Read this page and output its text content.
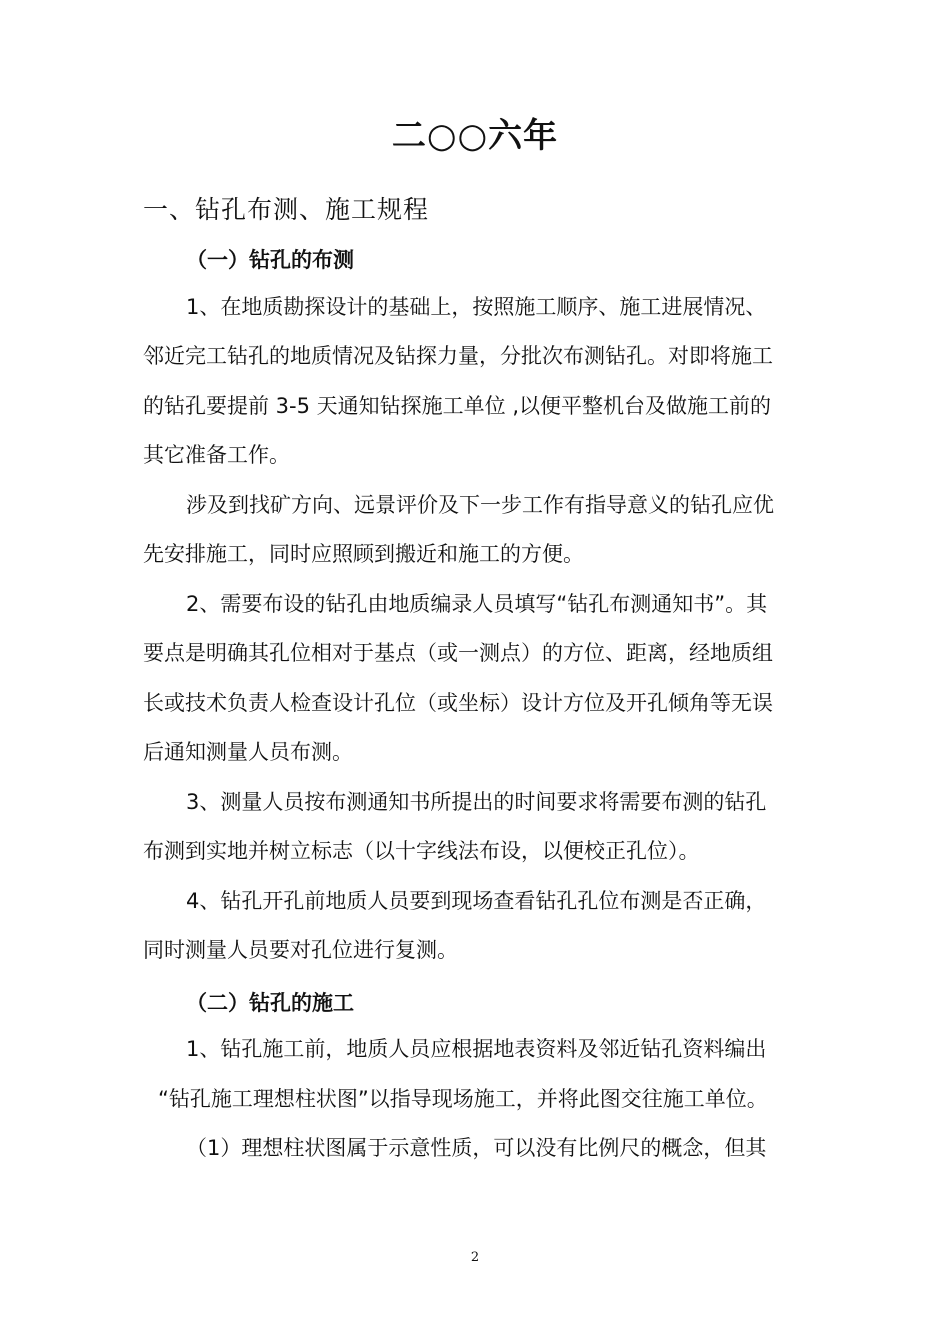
二○○六年
一、钻孔布测、施工规程
（一）钻孔的布测
1、在地质勘探设计的基础上，按照施工顺序、施工进展情况、
邻近完工钻孔的地质情况及钻探力量，分批次布测钻孔。对即将施工
的钻孔要提前 3-5 天通知钻探施工单位 ,以便平整机台及做施工前的
其它准备工作。
涉及到找矿方向、远景评价及下一步工作有指导意义的钻孔应优
先安排施工，同时应照顾到搬近和施工的方便。
2、需要布设的钻孔由地质编录人员填写“钻孔布测通知书”。其
要点是明确其孔位相对于基点（或一测点）的方位、距离，经地质组
长或技术负责人检查设计孔位（或坐标）设计方位及开孔倾角等无误
后通知测量人员布测。
3、测量人员按布测通知书所提出的时间要求将需要布测的钻孔
布测到实地并树立标志（以十字线法布设，以便校正孔位）。
4、钻孔开孔前地质人员要到现场查看钻孔孔位布测是否正确，
同时测量人员要对孔位进行复测。
（二）钻孔的施工
1、钻孔施工前，地质人员应根据地表资料及邻近钻孔资料编出
“钻孔施工理想柱状图”以指导现场施工，并将此图交往施工单位。
（1）理想柱状图属于示意性质，可以没有比例尺的概念，但其
2
